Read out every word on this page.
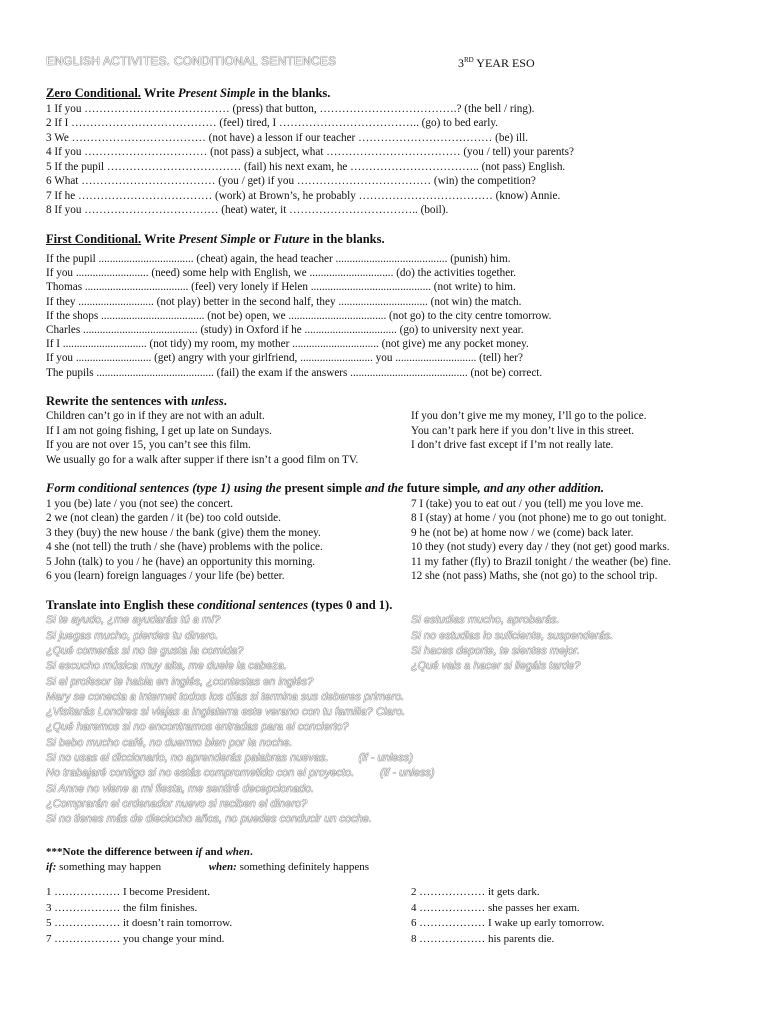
ENGLISH ACTIVITES. CONDITIONAL SENTENCES	3RD YEAR ESO
Zero Conditional. Write Present Simple in the blanks.
1 If you ………………………………… (press) that button, ……………………………….? (the bell / ring).
2 If I ………………………………… (feel) tired, I ……………………………….. (go) to bed early.
3 We ……………………………… (not have) a lesson if our teacher ……………………………… (be) ill.
4 If you …………………………… (not pass) a subject, what ……………………………… (you / tell) your parents?
5 If the pupil ……………………………… (fail) his next exam, he …………………………….. (not pass) English.
6 What ……………………………… (you / get) if you ……………………………… (win) the competition?
7 If he ……………………………… (work) at Brown’s, he probably ……………………………… (know) Annie.
8 If you ……………………………… (heat) water, it …………………………….. (boil).
First Conditional. Write Present Simple or Future in the blanks.
If the pupil .................................. (cheat) again, the head teacher ........................................ (punish) him.
If you .......................... (need) some help with English, we .............................. (do) the activities together.
Thomas ..................................... (feel) very lonely if Helen ........................................... (not write) to him.
If they ........................... (not play) better in the second half, they ................................ (not win) the match.
If the shops ..................................... (not be) open, we ................................... (not go) to the city centre tomorrow.
Charles ......................................... (study) in Oxford if he ................................. (go) to university next year.
If I .............................. (not tidy) my room, my mother ............................... (not give) me any pocket money.
If you ........................... (get) angry with your girlfriend, .......................... you ............................. (tell) her?
The pupils .......................................... (fail) the exam if the answers .......................................... (not be) correct.
Rewrite the sentences with unless.
Children can’t go in if they are not with an adult.
If I am not going fishing, I get up late on Sundays.
If you are not over 15, you can’t see this film.
We usually go for a walk after supper if there isn’t a good film on TV.
If you don’t give me my money, I’ll go to the police.
You can’t park here if you don’t live in this street.
I don’t drive fast except if I’m not really late.
Form conditional sentences (type 1) using the present simple and the future simple, and any other addition.
1 you (be) late / you (not see) the concert.
2 we (not clean) the garden / it (be) too cold outside.
3 they (buy) the new house / the bank (give) them the money.
4 she (not tell) the truth / she (have) problems with the police.
5 John (talk) to you / he (have) an opportunity this morning.
6 you (learn) foreign languages / your life (be) better.
7 I (take) you to eat out / you (tell) me you love me.
8 I (stay) at home / you (not phone) me to go out tonight.
9 he (not be) at home now / we (come) back later.
10 they (not study) every day / they (not get) good marks.
11 my father (fly) to Brazil tonight / the weather (be) fine.
12 she (not pass) Maths, she (not go) to the school trip.
Translate into English these conditional sentences (types 0 and 1).
Si te ayudo, ¿me ayudarás tú a mí?
Si juegas mucho, pierdes tu dinero.
¿Qué comerás si no te gusta la comida?
Si escucho música muy alta, me duele la cabeza.
Si estudias mucho, aprobarás.
Si no estudias lo suficiente, suspenderás.
Si haces deporte, te sientes mejor.
¿Qué vais a hacer si llegáis tarde?
Si el profesor te habla en inglés, ¿contestas en inglés?
Mary se conecta a Internet todos los días si termina sus deberes primero.
¿Visitarás Londres si viajas a Inglaterra este verano con tu familia? Claro.
¿Qué haremos si no encontramos entradas para el concierto?
Si bebo mucho café, no duermo bien por la noche.
Si no usas el diccionario, no aprenderás palabras nuevas.	(if - unless)
No trabajaré contigo si no estás comprometido con el proyecto. (if - unless)
Si Anne no viene a mi fiesta, me sentiré decepcionado.
¿Comprarán el ordenador nuevo si reciben el dinero?
Si no tienes más de dieciocho años, no puedes conducir un coche.
***Note the difference between if and when.
if: something may happen	when: something definitely happens
1 ……………… I become President.	2 ……………… it gets dark.
3 ……………… the film finishes.	4 ……………… she passes her exam.
5 ……………… it doesn’t rain tomorrow.	6 ……………… I wake up early tomorrow.
7 ……………… you change your mind.	8 ……………… his parents die.
